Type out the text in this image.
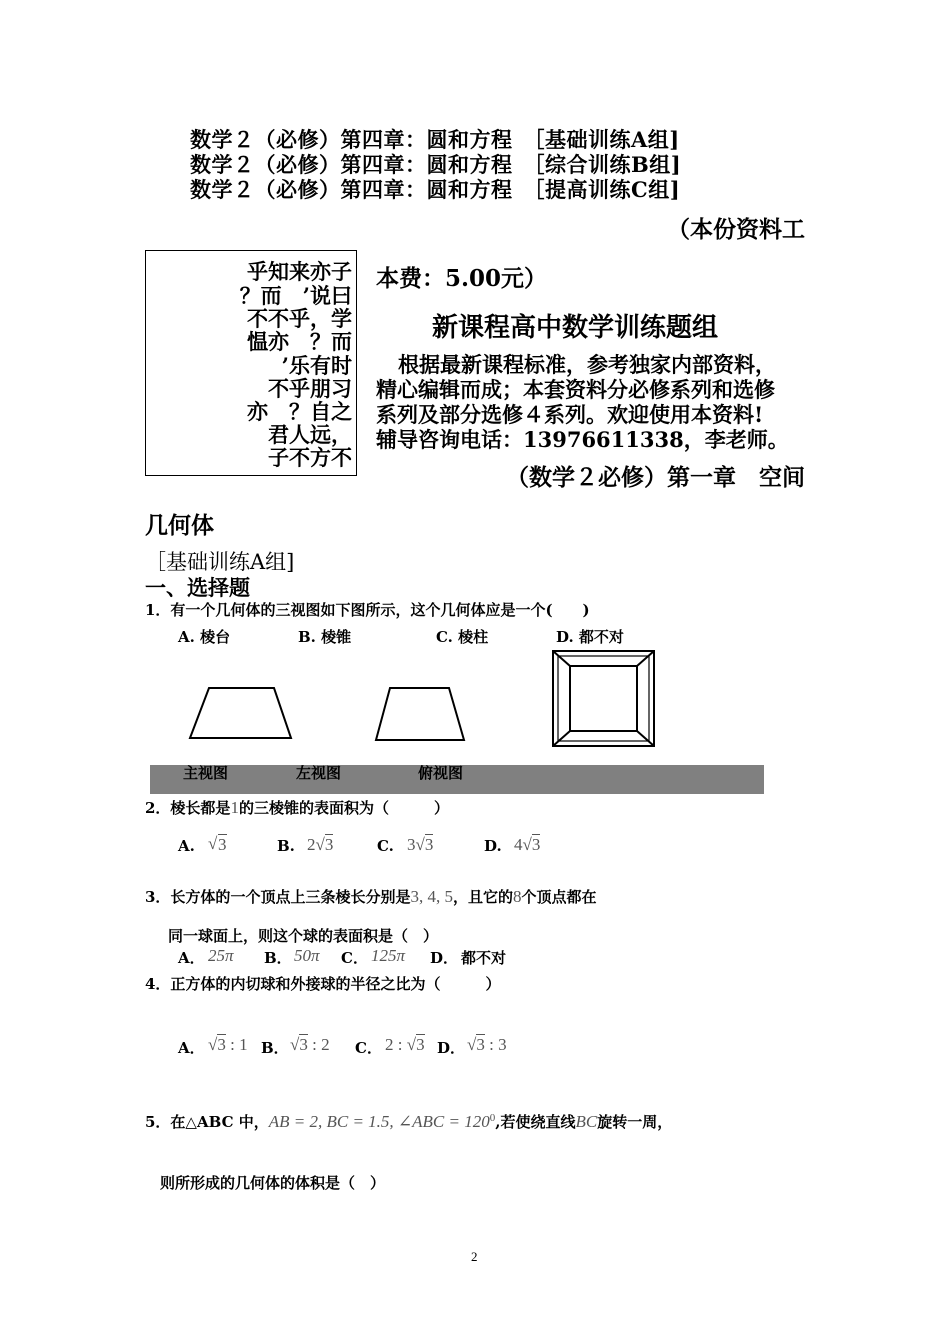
数学２（必修）第四章：圆和方程　［基础训练A组]
数学２（必修）第四章：圆和方程　［综合训练B组]
数学２（必修）第四章：圆和方程　［提高训练C组]
（本份资料工
乎知来亦子
？而　’说曰
不不乎，学
愠亦　？而
　’乐有时
不乎朋习
亦　？自之
君人远，
子不方不
本费：5.00元）
新课程高中数学训练题组
根据最新课程标准，参考独家内部资料，
精心编辑而成；本套资料分必修系列和选修
系列及部分选修４系列。欢迎使用本资料!
辅导咨询电话：13976611338，李老师。
（数学２必修）第一章　空间
几何体
［基础训练A组]
一、选择题
1．有一个几何体的三视图如下图所示，这个几何体应是一个(　　)
A. 棱台	B. 棱锥	C. 棱柱	D. 都不对
主视图	左视图	俯视图
2．棱长都是1的三棱锥的表面积为（　　　）
A.	3
√	B. 2√3	C. 3√3	D. 4√3
3．长方体的一个顶点上三条棱长分别是3, 4, 5，且它的8个顶点都在
同一球面上，则这个球的表面积是（　）
A． 25π B． 50π C． 125π D． 都不对
4．正方体的内切球和外接球的半径之比为（　　　）
A． √3 : 1 B． √3 : 2 C． 2 : √3 D． √3 : 3
5．在△ABC 中，AB = 2, BC = 1.5, ∠ABC = $120^0$,若使绕直线BC旋转一周，
则所形成的几何体的体积是（　）
2
